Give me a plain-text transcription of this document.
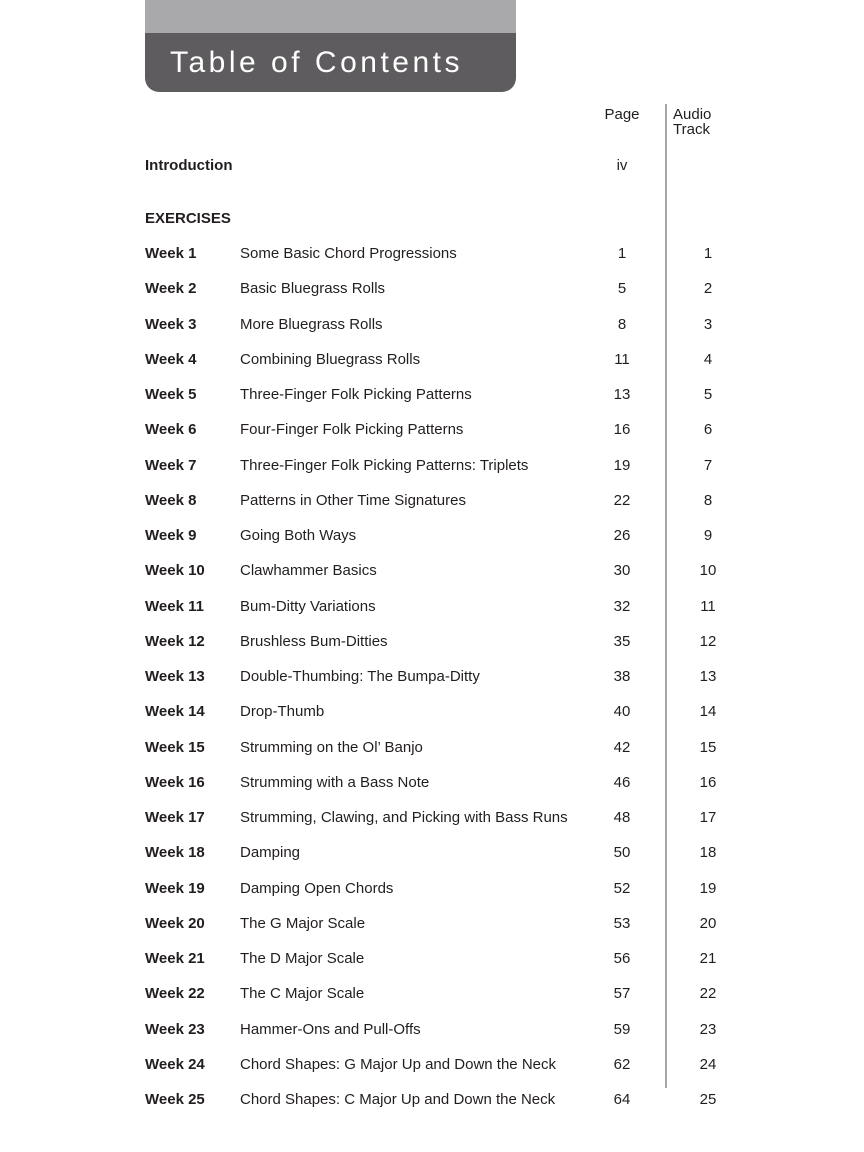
Table of Contents
Page	Audio Track
Introduction	iv
EXERCISES
Week 1	Some Basic Chord Progressions	1	1
Week 2	Basic Bluegrass Rolls	5	2
Week 3	More Bluegrass Rolls	8	3
Week 4	Combining Bluegrass Rolls	11	4
Week 5	Three-Finger Folk Picking Patterns	13	5
Week 6	Four-Finger Folk Picking Patterns	16	6
Week 7	Three-Finger Folk Picking Patterns: Triplets	19	7
Week 8	Patterns in Other Time Signatures	22	8
Week 9	Going Both Ways	26	9
Week 10	Clawhammer Basics	30	10
Week 11	Bum-Ditty Variations	32	11
Week 12	Brushless Bum-Ditties	35	12
Week 13	Double-Thumbing: The Bumpa-Ditty	38	13
Week 14	Drop-Thumb	40	14
Week 15	Strumming on the Ol’ Banjo	42	15
Week 16	Strumming with a Bass Note	46	16
Week 17	Strumming, Clawing, and Picking with Bass Runs	48	17
Week 18	Damping	50	18
Week 19	Damping Open Chords	52	19
Week 20	The G Major Scale	53	20
Week 21	The D Major Scale	56	21
Week 22	The C Major Scale	57	22
Week 23	Hammer-Ons and Pull-Offs	59	23
Week 24	Chord Shapes: G Major Up and Down the Neck	62	24
Week 25	Chord Shapes: C Major Up and Down the Neck	64	25
